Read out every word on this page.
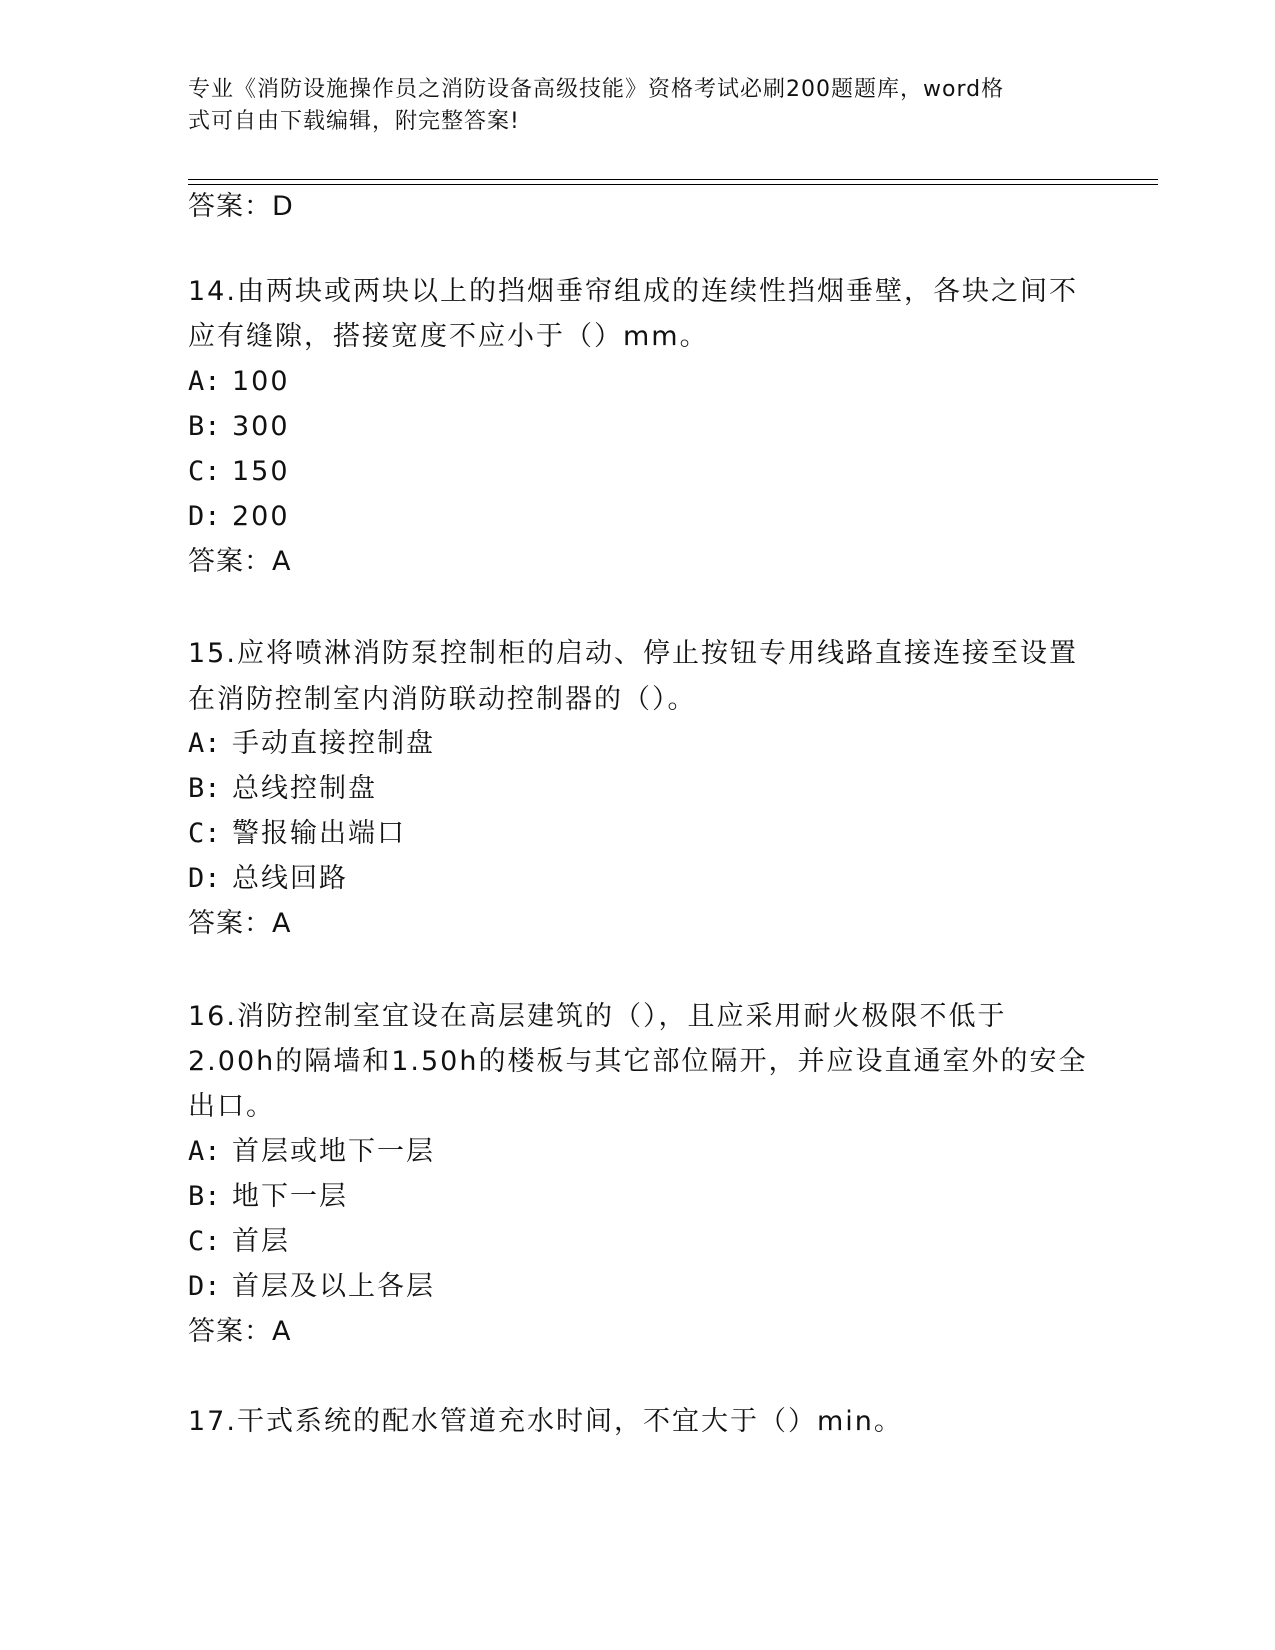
专业《消防设施操作员之消防设备高级技能》资格考试必刷200题题库，word格
式可自由下载编辑，附完整答案!
答案：D
14.由两块或两块以上的挡烟垂帘组成的连续性挡烟垂壁，各块之间不
应有缝隙，搭接宽度不应小于（）mm。
A: 100
B: 300
C: 150
D: 200
答案：A
15.应将喷淋消防泵控制柜的启动、停止按钮专用线路直接连接至设置
在消防控制室内消防联动控制器的（）。
A: 手动直接控制盘
B: 总线控制盘
C: 警报输出端口
D: 总线回路
答案：A
16.消防控制室宜设在高层建筑的（），且应采用耐火极限不低于
2.00h的隔墙和1.50h的楼板与其它部位隔开，并应设直通室外的安全
出口。
A: 首层或地下一层
B: 地下一层
C: 首层
D: 首层及以上各层
答案：A
17.干式系统的配水管道充水时间，不宜大于（）min。
